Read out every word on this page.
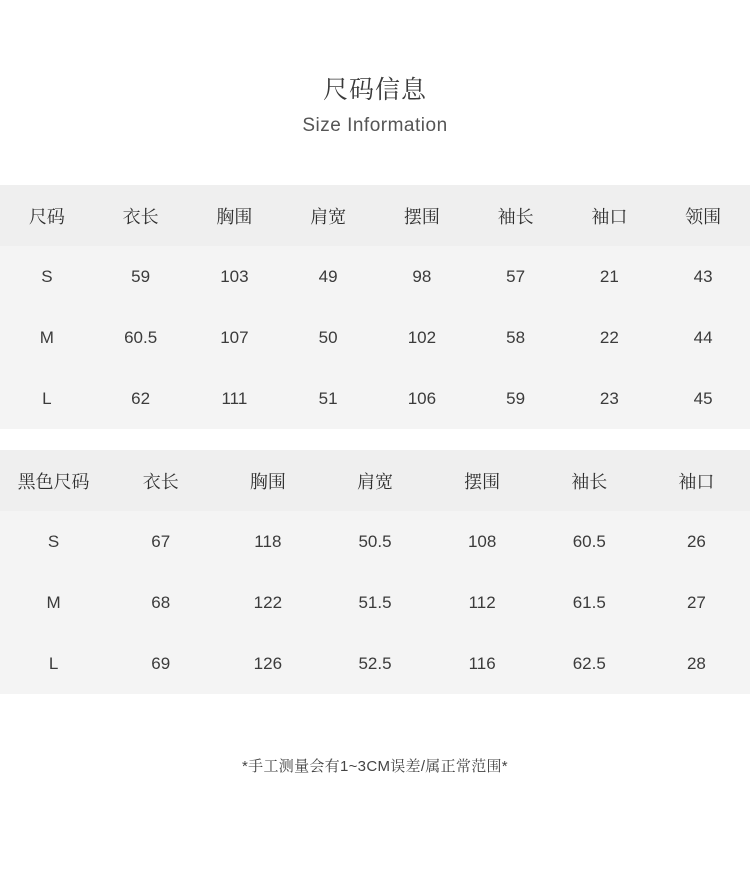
尺码信息
Size Information
尺码	衣长	胸围	肩宽	摆围	袖长	袖口	领围
S	59	103	49	98	57	21	43
M	60.5	107	50	102	58	22	44
L	62	111	51	106	59	23	45
黑色尺码	衣长	胸围	肩宽	摆围	袖长	袖口
S	67	118	50.5	108	60.5	26
M	68	122	51.5	112	61.5	27
L	69	126	52.5	116	62.5	28
*手工测量会有1~3CM误差/属正常范围*
